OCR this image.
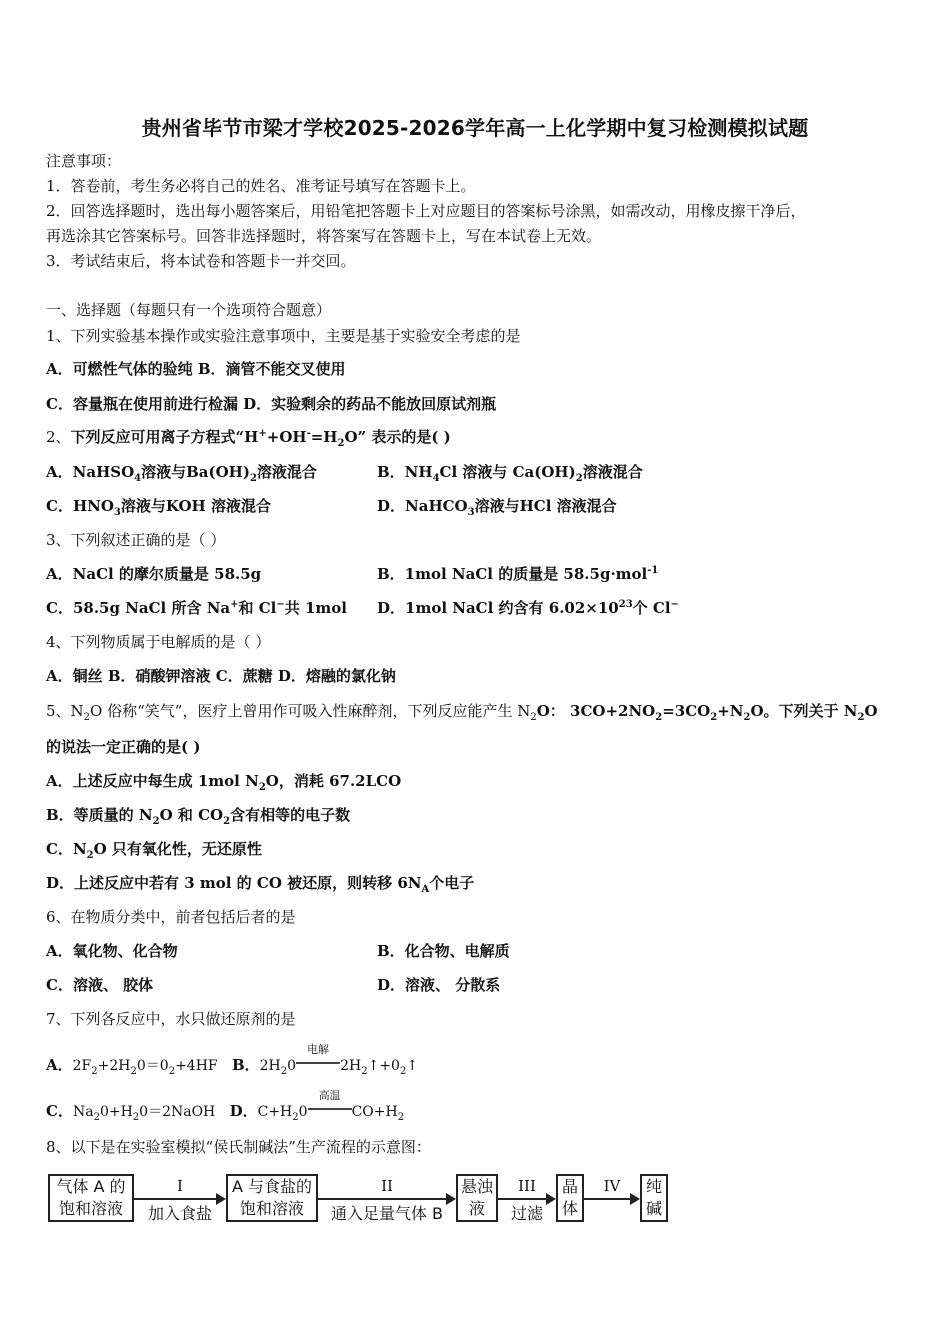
贵州省毕节市梁才学校2025-2026学年高一上化学期中复习检测模拟试题
注意事项：
1．答卷前，考生务必将自己的姓名、准考证号填写在答题卡上。
2．回答选择题时，选出每小题答案后，用铅笔把答题卡上对应题目的答案标号涂黑，如需改动，用橡皮擦干净后，
再选涂其它答案标号。回答非选择题时，将答案写在答题卡上，写在本试卷上无效。
3．考试结束后，将本试卷和答题卡一并交回。
一、选择题（每题只有一个选项符合题意）
1、下列实验基本操作或实验注意事项中，主要是基于实验安全考虑的是
A．可燃性气体的验纯 B．滴管不能交叉使用
C．容量瓶在使用前进行检漏 D．实验剩余的药品不能放回原试剂瓶
2、下列反应可用离子方程式“$H^++OH^-=H_2O$” 表示的是( )
A．NaHSO$_4$溶液与$Ba(OH)_2$溶液混合	B．$NH_4Cl$ 溶液与 $Ca(OH)_2$溶液混合
C．$HNO_3$溶液与KOH 溶液混合	D．NaHCO$_3$溶液与HCl 溶液混合
3、下列叙述正确的是（ ）
A．NaCl 的摩尔质量是 58.5g	B．1mol NaCl 的质量是 58.5g·mol$^{-1}$
C．58.5g NaCl 所含 Na+和 Cl−共 1mol D．1mol NaCl 约含有 $6.02\times 10^{23}$个 Cl−
4、下列物质属于电解质的是（ ）
A．铜丝 B．硝酸钾溶液 C．蔗糖 D．熔融的氯化钠
5、$N_2O$ 俗称“笑气”，医疗上曾用作可吸入性麻醉剂，下列反应能产生 $N_2O$： $3CO+2NO_2=3CO_2+N_2O$。下列关于 $N_2O$
的说法一定正确的是( )
A．上述反应中每生成 1mol $N_2O$，消耗 67.2LCO
B．等质量的 $N_2O$ 和 $CO_2$含有相等的电子数
C．$N_2O$ 只有氧化性，无还原性
D．上述反应中若有 3 mol 的 CO 被还原，则转移 $6N_A$个电子
6、在物质分类中，前者包括后者的是
A．氧化物、化合物	B．化合物、电解质
C．溶液、 胶体	D．溶液、 分散系
7、下列各反应中，水只做还原剂的是
A．$2F_2+2H_20=0_2+4HF$ B．$2H_20$
电解
$2H_2↑+0_2↑$
C．$Na_20+H_20=2NaOH$ D．$C+H_20$
高温
$CO+H_2$
8、以下是在实验室模拟“侯氏制碱法”生产流程的示意图：
气体 A 的
饱和溶液
I
加入食盐
A 与食盐的
饱和溶液
II
通入足量气体 B
悬浊
液
III
过滤
晶
体
IV	纯
碱
